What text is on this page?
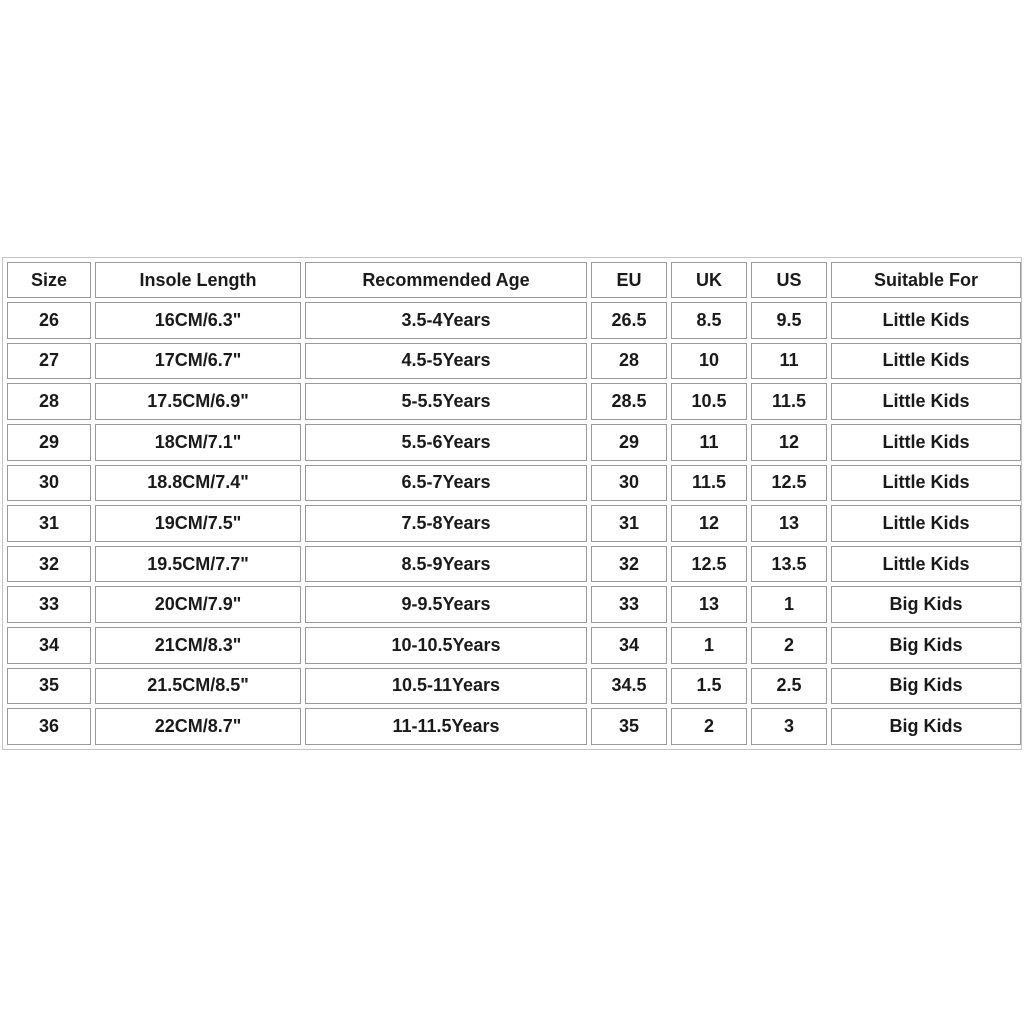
Size	Insole Length	Recommended Age	EU	UK	US	Suitable For
26	16CM/6.3"	3.5-4Years	26.5	8.5	9.5	Little Kids
27	17CM/6.7"	4.5-5Years	28	10	11	Little Kids
28	17.5CM/6.9"	5-5.5Years	28.5	10.5	11.5	Little Kids
29	18CM/7.1"	5.5-6Years	29	11	12	Little Kids
30	18.8CM/7.4"	6.5-7Years	30	11.5	12.5	Little Kids
31	19CM/7.5"	7.5-8Years	31	12	13	Little Kids
32	19.5CM/7.7"	8.5-9Years	32	12.5	13.5	Little Kids
33	20CM/7.9"	9-9.5Years	33	13	1	Big Kids
34	21CM/8.3"	10-10.5Years	34	1	2	Big Kids
35	21.5CM/8.5"	10.5-11Years	34.5	1.5	2.5	Big Kids
36	22CM/8.7"	11-11.5Years	35	2	3	Big Kids
